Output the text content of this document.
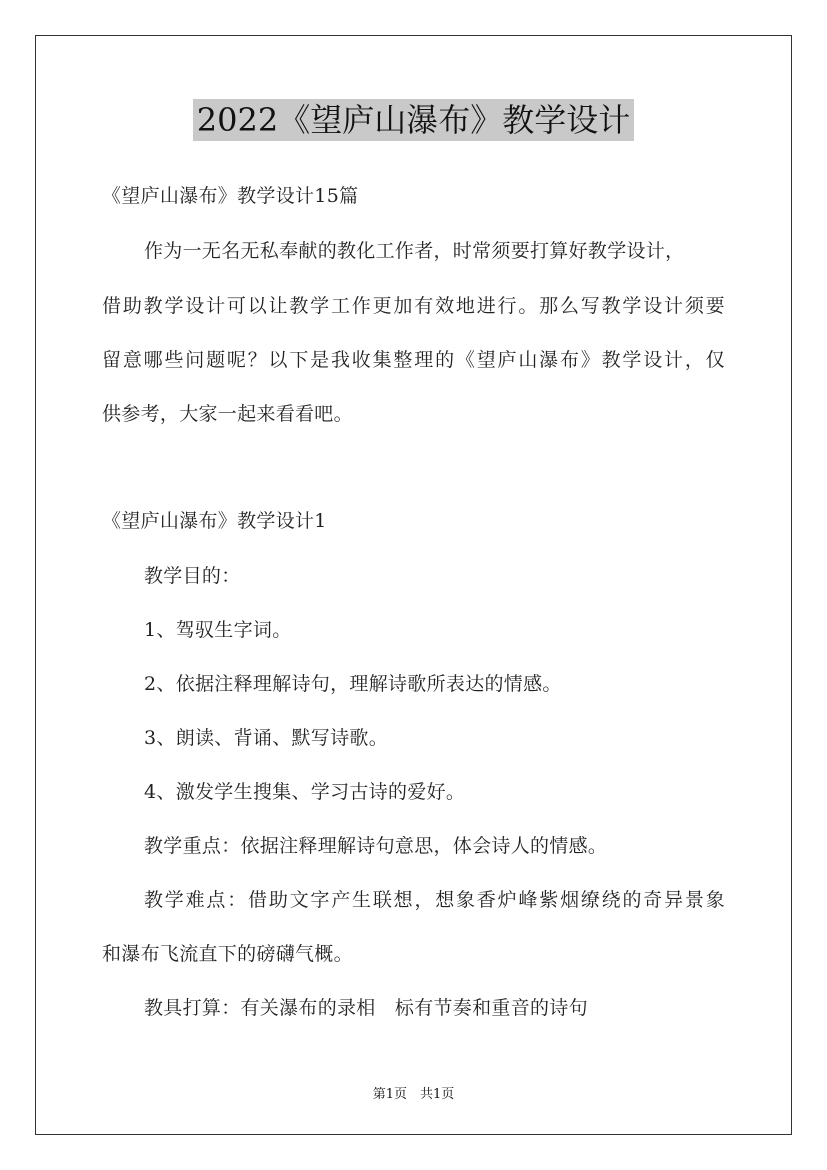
2022《望庐山瀑布》教学设计
《望庐山瀑布》教学设计15篇
作为一无名无私奉献的教化工作者，时常须要打算好教学设计，
借助教学设计可以让教学工作更加有效地进行。那么写教学设计须要
留意哪些问题呢？以下是我收集整理的《望庐山瀑布》教学设计，仅
供参考，大家一起来看看吧。
《望庐山瀑布》教学设计1
教学目的：
1、驾驭生字词。
2、依据注释理解诗句，理解诗歌所表达的情感。
3、朗读、背诵、默写诗歌。
4、激发学生搜集、学习古诗的爱好。
教学重点：依据注释理解诗句意思，体会诗人的情感。
教学难点：借助文字产生联想，想象香炉峰紫烟缭绕的奇异景象
和瀑布飞流直下的磅礴气概。
教具打算：有关瀑布的录相　标有节奏和重音的诗句
第1页　共1页
